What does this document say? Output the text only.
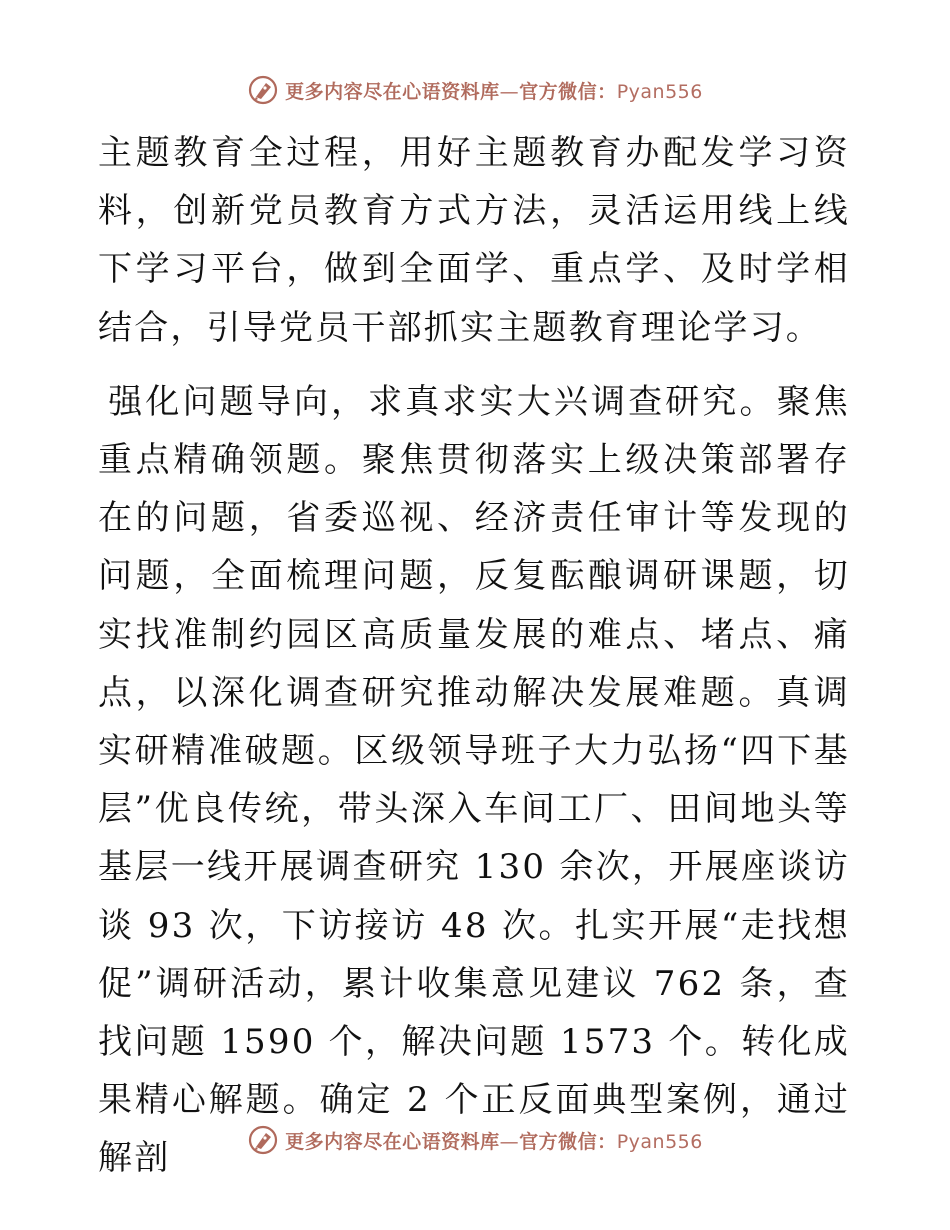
更多内容尽在心语资料库—官方微信：Pyan556

主题教育全过程，用好主题教育办配发学习资料，创新党员教育方式方法，灵活运用线上线下学习平台，做到全面学、重点学、及时学相结合，引导党员干部抓实主题教育理论学习。

强化问题导向，求真求实大兴调查研究。聚焦重点精确领题。聚焦贯彻落实上级决策部署存在的问题，省委巡视、经济责任审计等发现的问题，全面梳理问题，反复酝酿调研课题，切实找准制约园区高质量发展的难点、堵点、痛点，以深化调查研究推动解决发展难题。真调实研精准破题。区级领导班子大力弘扬“四下基层”优良传统，带头深入车间工厂、田间地头等基层一线开展调查研究 130 余次，开展座谈访谈 93 次，下访接访 48 次。扎实开展“走找想促”调研活动，累计收集意见建议 762 条，查找问题 1590 个，解决问题 1573 个。转化成果精心解题。确定 2 个正反面典型案例，通过解剖	更多内容尽在心语资料库—官方微信：Pyan556
